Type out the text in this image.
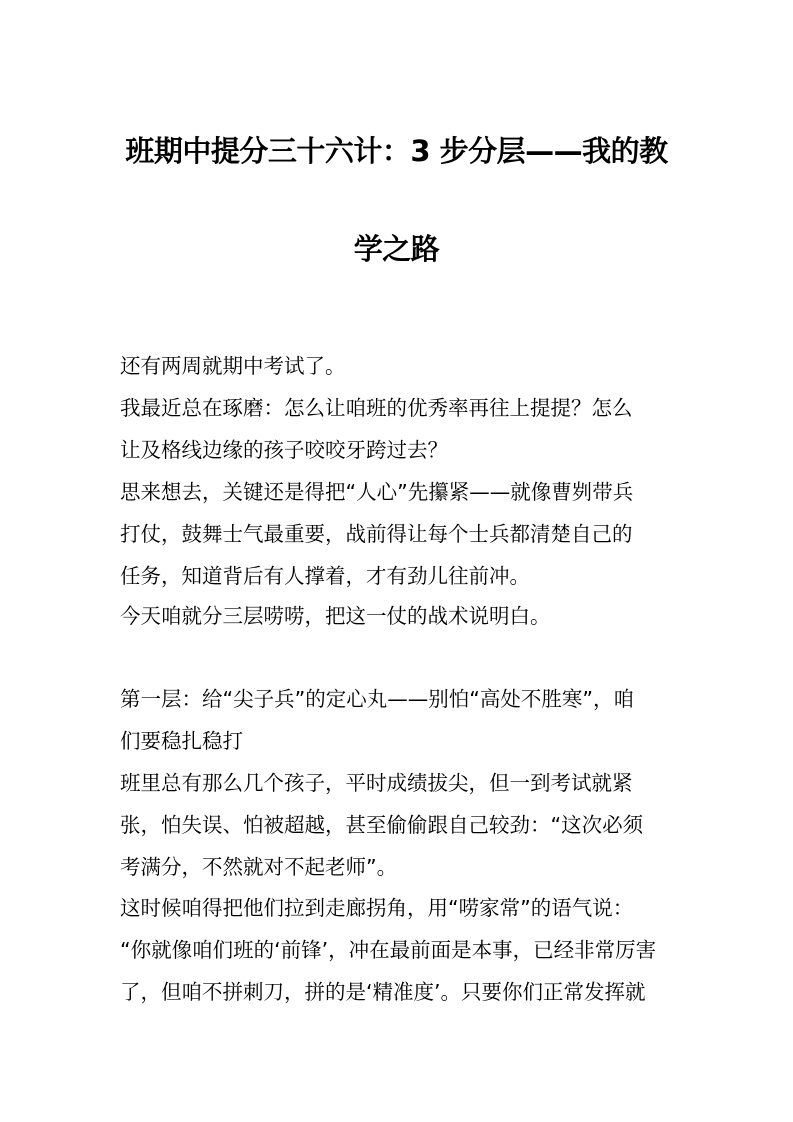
班期中提分三十六计：3 步分层——我的教
学之路
还有两周就期中考试了。
我最近总在琢磨：怎么让咱班的优秀率再往上提提？怎么
让及格线边缘的孩子咬咬牙跨过去？
思来想去，关键还是得把“人心”先攥紧——就像曹刿带兵
打仗，鼓舞士气最重要，战前得让每个士兵都清楚自己的
任务，知道背后有人撑着，才有劲儿往前冲。
今天咱就分三层唠唠，把这一仗的战术说明白。
第一层：给“尖子兵”的定心丸——别怕“高处不胜寒”，咱
们要稳扎稳打
班里总有那么几个孩子，平时成绩拔尖，但一到考试就紧
张，怕失误、怕被超越，甚至偷偷跟自己较劲：“这次必须
考满分，不然就对不起老师”。
这时候咱得把他们拉到走廊拐角，用“唠家常”的语气说：
“你就像咱们班的‘前锋’，冲在最前面是本事，已经非常厉害
了，但咱不拼刺刀，拼的是‘精准度’。只要你们正常发挥就
